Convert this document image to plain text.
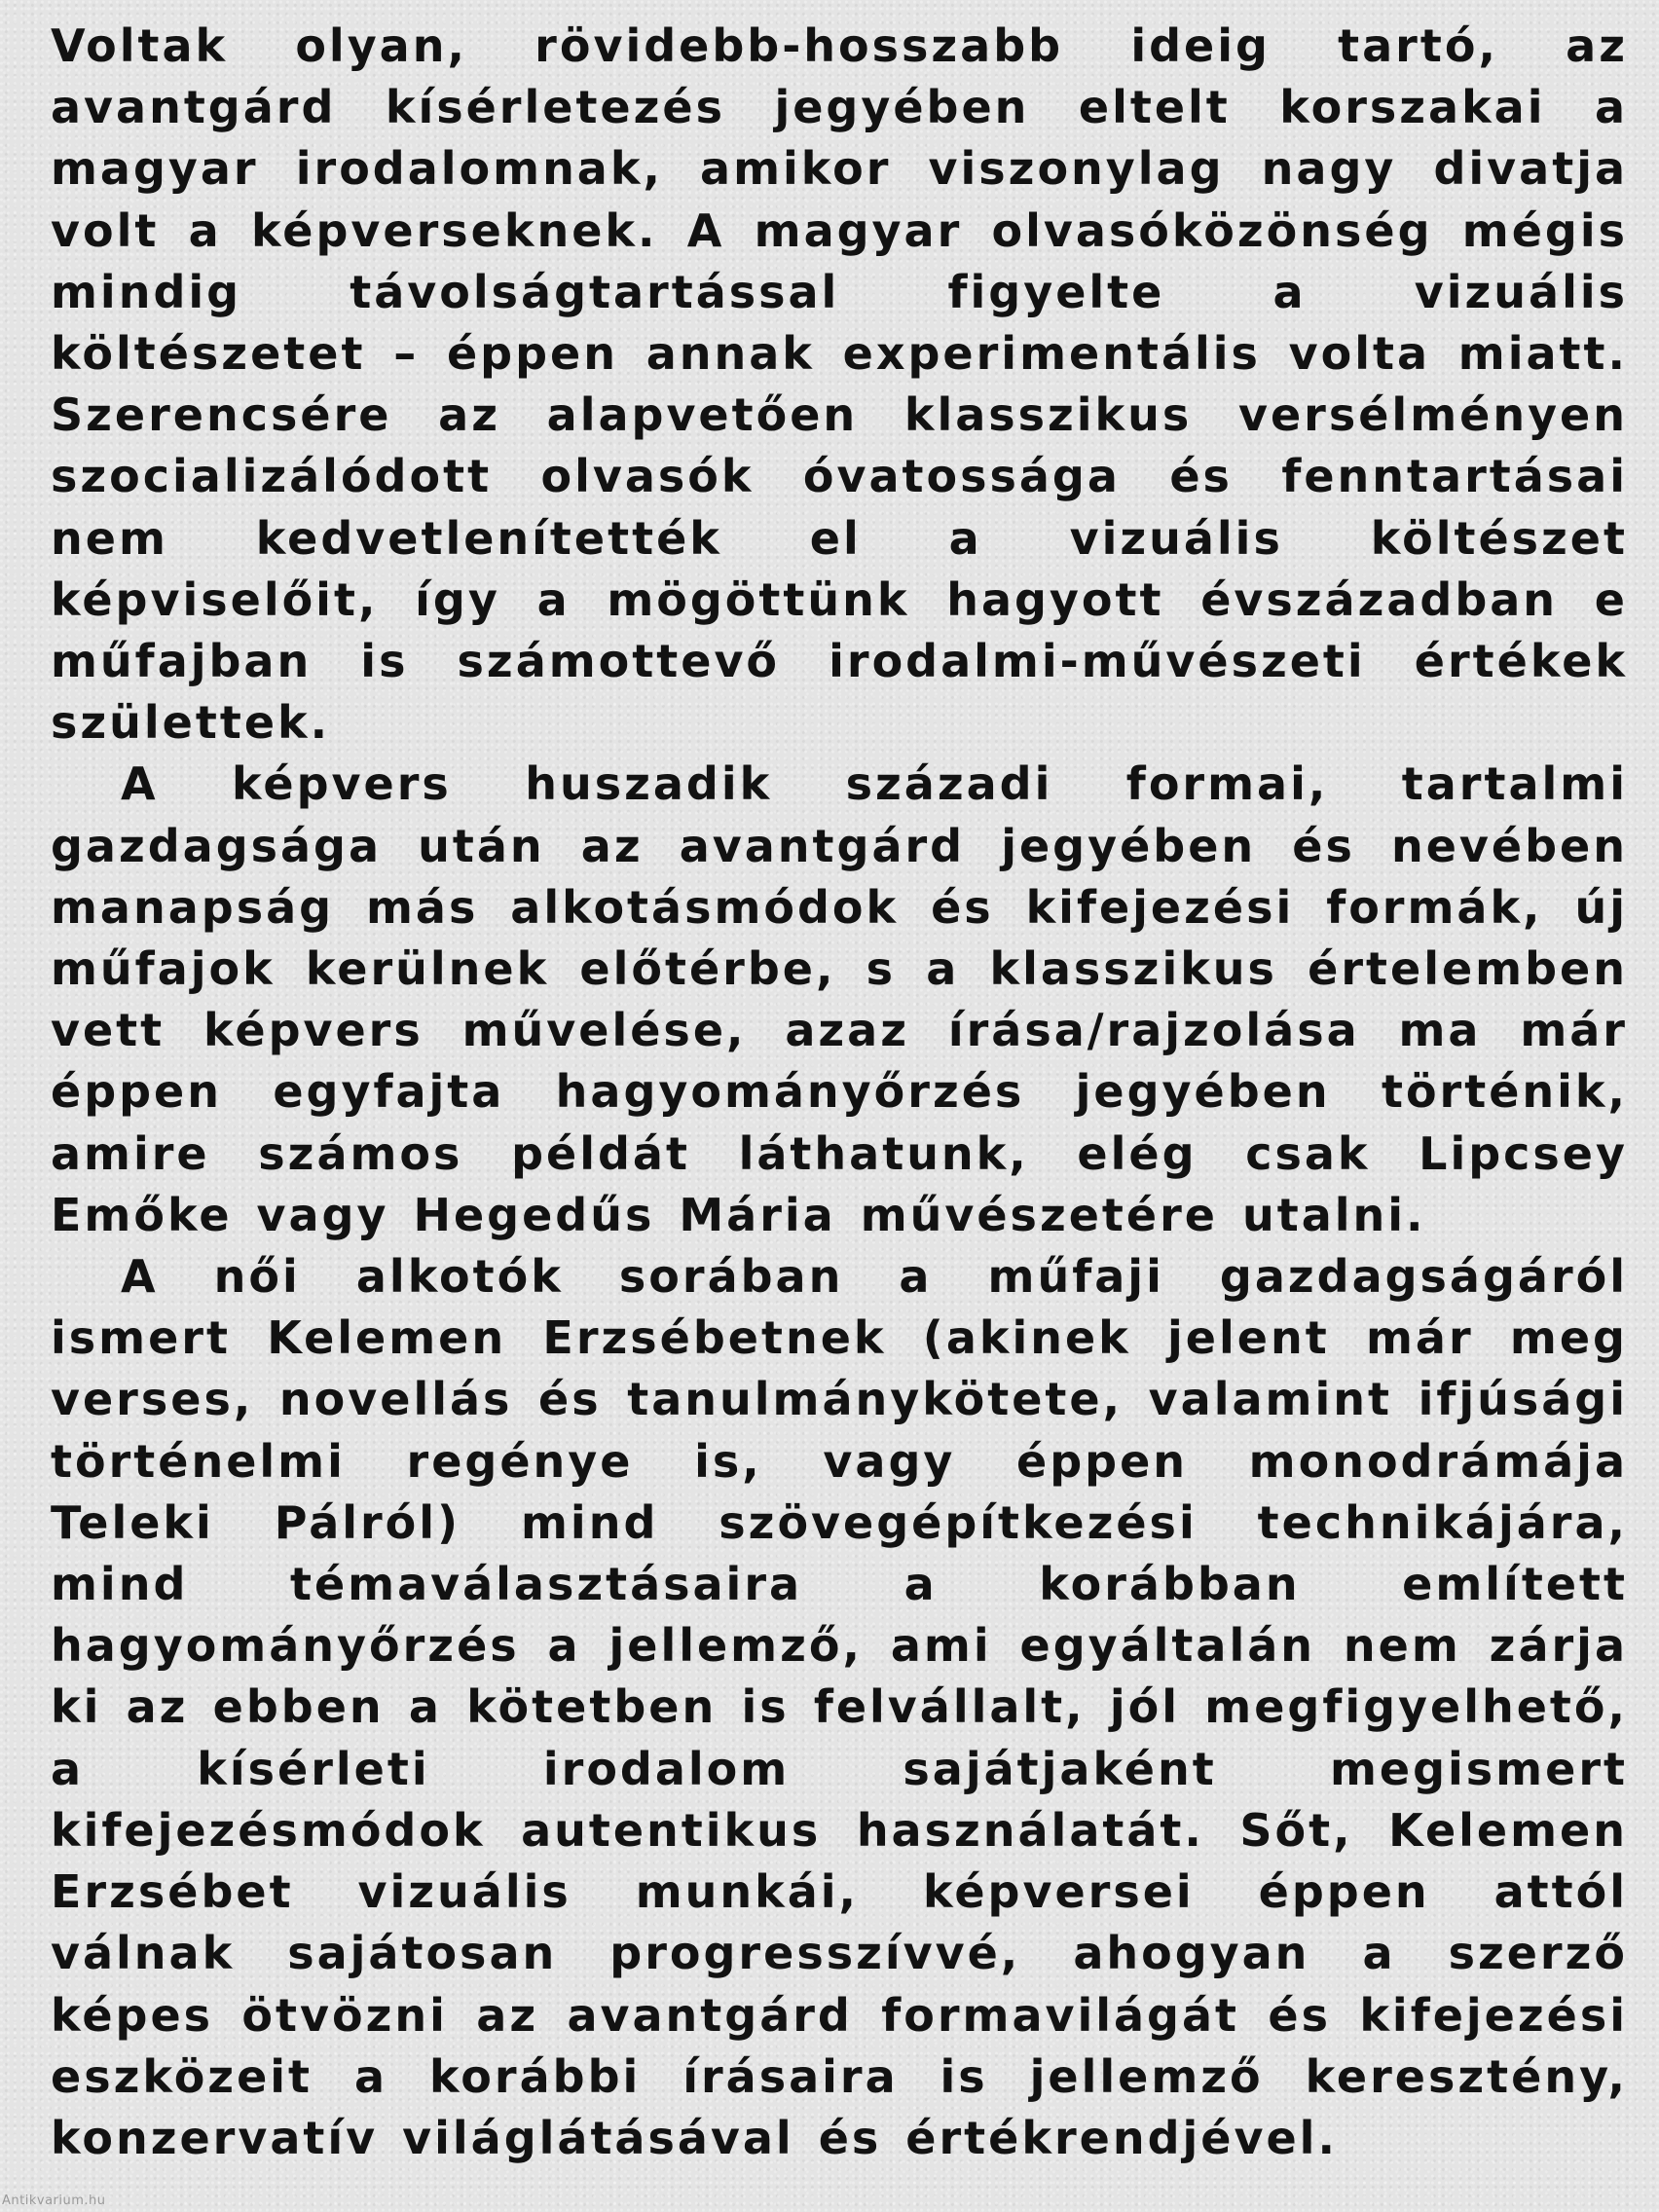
Voltak olyan, rövidebb-hosszabb ideig tartó, az avantgárd kísérletezés jegyében eltelt korszakai a magyar irodalomnak, amikor viszonylag nagy divatja volt a képverseknek. A magyar olvasóközönség mégis mindig távolságtartással figyelte a vizuális költészetet – éppen annak experimentális volta miatt. Szerencsére az alapvetően klasszikus versélményen szocializálódott olvasók óvatossága és fenntartásai nem kedvetlenítették el a vizuális költészet képviselőit, így a mögöttünk hagyott évszázadban e műfajban is számottevő irodalmi-művészeti értékek születtek.

A képvers huszadik századi formai, tartalmi gazdagsága után az avantgárd jegyében és nevében manapság más alkotásmódok és kifejezési formák, új műfajok kerülnek előtérbe, s a klasszikus értelemben vett képvers művelése, azaz írása/rajzolása ma már éppen egyfajta hagyományőrzés jegyében történik, amire számos példát láthatunk, elég csak Lipcsey Emőke vagy Hegedűs Mária művészetére utalni.

A női alkotók sorában a műfaji gazdagságáról ismert Kelemen Erzsébetnek (akinek jelent már meg verses, novellás és tanulmánykötete, valamint ifjúsági történelmi regénye is, vagy éppen monodrámája Teleki Pálról) mind szövegépítkezési technikájára, mind témaválasztásaira a korábban említett hagyományőrzés a jellemző, ami egyáltalán nem zárja ki az ebben a kötetben is felvállalt, jól megfigyelhető, a kísérleti irodalom sajátjaként megismert kifejezésmódok autentikus használatát. Sőt, Kelemen Erzsébet vizuális munkái, képversei éppen attól válnak sajátosan progresszívvé, ahogyan a szerző képes ötvözni az avantgárd formavilágát és kifejezési eszközeit a korábbi írásaira is jellemző keresztény, konzervatív világlátásával és értékrendjével.

Antikvarium.hu
